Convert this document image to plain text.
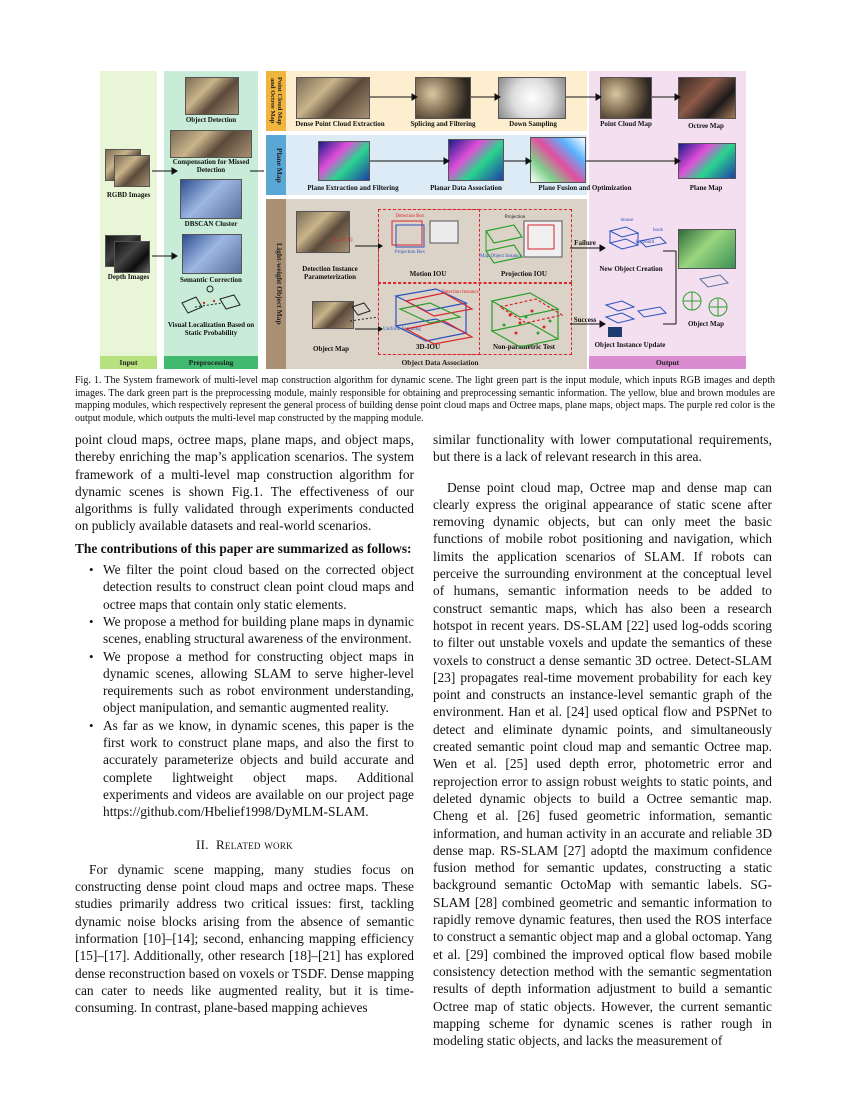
Point Cloud Map and Octree Map
Plane Map
Light-weight Object Map
RGBD Images
Depth Images
Object Detection
Compensation for Missed Detection
DBSCAN Cluster
Semantic Correction
Visual Localization Based on Static Probability
Dense Point Cloud Extraction	Splicing and Filtering	Down Sampling	Point Cloud Map	Octree Map
Plane Extraction and Filtering	Planar Data Association	Plane Fusion and Optimization	Plane Map
Detection Instance Parameterization
Object Map
Object Map
Motion IOU	Projection IOU
3D-IOU	Non-parametric Test
Failure
Success
New Object Creation
Object Instance Update
Detection Box
Projection Box
Projection
Map Object Instance
Detection Instance
Uniform Sampling
[L, W, H]
mouse
keyboard
book
Input	Preprocessing	Object Data Association	Output
Fig. 1. The System framework of multi-level map construction algorithm for dynamic scene. The light green part is the input module, which inputs RGB images and depth images. The dark green part is the preprocessing module, mainly responsible for obtaining and preprocessing semantic information. The yellow, blue and brown modules are mapping modules, which respectively represent the general process of building dense point cloud maps and Octree maps, plane maps, object maps. The purple red color is the output module, which outputs the multi-level map constructed by the mapping module.

point cloud maps, octree maps, plane maps, and object maps, thereby enriching the map’s application scenarios. The system framework of a multi-level map construction algorithm for dynamic scenes is shown Fig.1. The effectiveness of our algorithms is fully validated through experiments conducted on publicly available datasets and real-world scenarios.

The contributions of this paper are summarized as follows:

• We filter the point cloud based on the corrected object detection results to construct clean point cloud maps and octree maps that contain only static elements.
• We propose a method for building plane maps in dynamic scenes, enabling structural awareness of the environment.
• We propose a method for constructing object maps in dynamic scenes, allowing SLAM to serve higher-level requirements such as robot environment understanding, object manipulation, and semantic augmented reality.
• As far as we know, in dynamic scenes, this paper is the first work to construct plane maps, and also the first to accurately parameterize objects and build accurate and complete lightweight object maps. Additional experiments and videos are available on our project page https://github.com/Hbelief1998/DyMLM-SLAM.

II. Related work

For dynamic scene mapping, many studies focus on constructing dense point cloud maps and octree maps. These studies primarily address two critical issues: first, tackling dynamic noise blocks arising from the absence of semantic information [10]–[14]; second, enhancing mapping efficiency [15]–[17]. Additionally, other research [18]–[21] has explored dense reconstruction based on voxels or TSDF. Dense mapping can cater to needs like augmented reality, but it is time-consuming. In contrast, plane-based mapping achieves

similar functionality with lower computational requirements, but there is a lack of relevant research in this area.

Dense point cloud map, Octree map and dense map can clearly express the original appearance of static scene after removing dynamic objects, but can only meet the basic functions of mobile robot positioning and navigation, which limits the application scenarios of SLAM. If robots can perceive the surrounding environment at the conceptual level of humans, semantic information needs to be added to construct semantic maps, which has also been a research hotspot in recent years. DS-SLAM [22] used log-odds scoring to filter out unstable voxels and update the semantics of these voxels to construct a dense semantic 3D octree. Detect-SLAM [23] propagates real-time movement probability for each key point and constructs an instance-level semantic graph of the environment. Han et al. [24] used optical flow and PSPNet to detect and eliminate dynamic points, and simultaneously created semantic point cloud map and semantic Octree map. Wen et al. [25] used depth error, photometric error and reprojection error to assign robust weights to static points, and deleted dynamic objects to build a Octree semantic map. Cheng et al. [26] fused geometric information, semantic information, and human activity in an accurate and reliable 3D dense map. RS-SLAM [27] adoptd the maximum confidence fusion method for semantic updates, constructing a static background semantic OctoMap with semantic labels. SG-SLAM [28] combined geometric and semantic information to rapidly remove dynamic features, then used the ROS interface to construct a semantic object map and a global octomap. Yang et al. [29] combined the improved optical flow based mobile consistency detection method with the semantic segmentation results of depth information adjustment to build a semantic Octree map of static objects. However, the current semantic mapping scheme for dynamic scenes is rather rough in modeling static objects, and lacks the measurement of
